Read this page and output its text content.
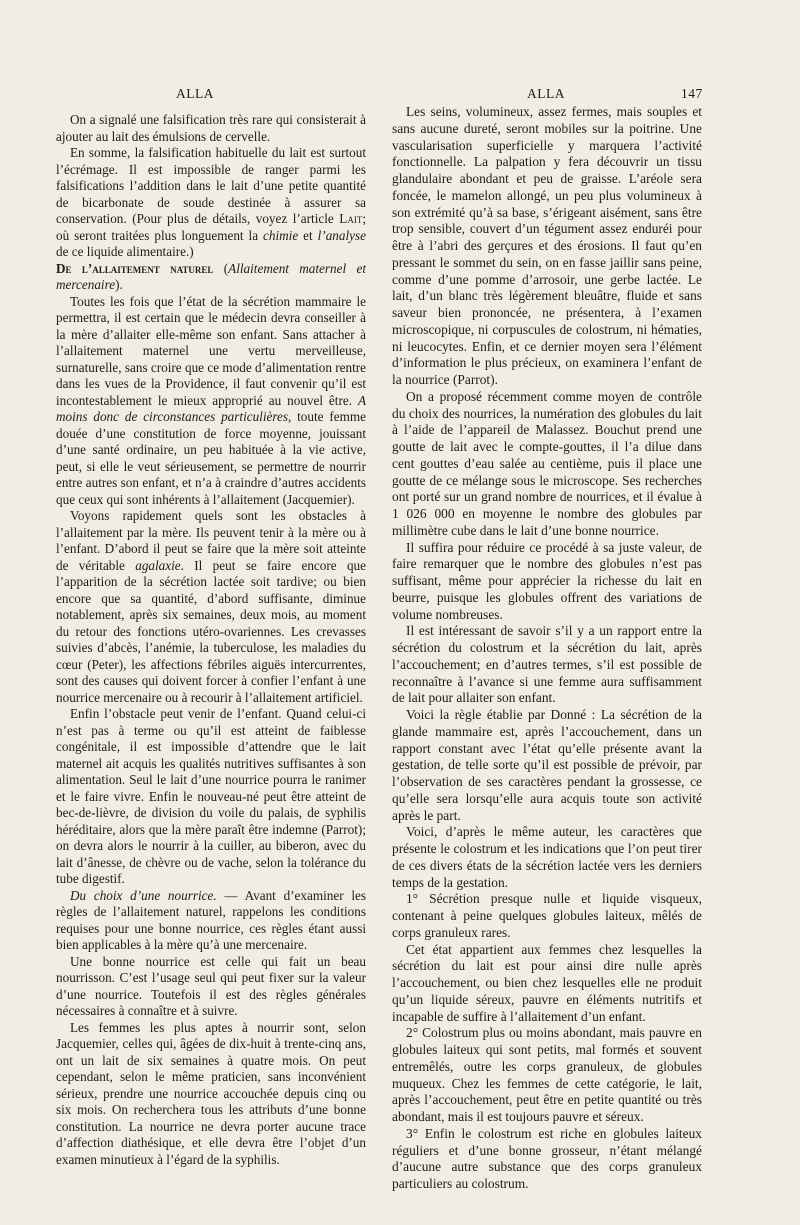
ALLA	ALLA	147

On a signalé une falsification très rare qui consisterait à ajouter au lait des émulsions de cervelle.

En somme, la falsification habituelle du lait est surtout l’écrémage. Il est impossible de ranger parmi les falsifications l’addition dans le lait d’une petite quantité de bicarbonate de soude destinée à assurer sa conservation. (Pour plus de détails, voyez l’article Lait; où seront traitées plus longuement la chimie et l’analyse de ce liquide alimentaire.)

De l’allaitement naturel (Allaitement maternel et mercenaire).

Toutes les fois que l’état de la sécrétion mammaire le permettra, il est certain que le médecin devra conseiller à la mère d’allaiter elle-même son enfant. Sans attacher à l’allaitement maternel une vertu merveilleuse, surnaturelle, sans croire que ce mode d’alimentation rentre dans les vues de la Providence, il faut convenir qu’il est incontestablement le mieux approprié au nouvel être. A moins donc de circonstances particulières, toute femme douée d’une constitution de force moyenne, jouissant d’une santé ordinaire, un peu habituée à la vie active, peut, si elle le veut sérieusement, se permettre de nourrir entre autres son enfant, et n’a à craindre d’autres accidents que ceux qui sont inhérents à l’allaitement (Jacquemier).

Voyons rapidement quels sont les obstacles à l’allaitement par la mère. Ils peuvent tenir à la mère ou à l’enfant. D’abord il peut se faire que la mère soit atteinte de véritable agalaxie. Il peut se faire encore que l’apparition de la sécrétion lactée soit tardive; ou bien encore que sa quantité, d’abord suffisante, diminue notablement, après six semaines, deux mois, au moment du retour des fonctions utéro-ovariennes. Les crevasses suivies d’abcès, l’anémie, la tuberculose, les maladies du cœur (Peter), les affections fébriles aiguës intercurrentes, sont des causes qui doivent forcer à confier l’enfant à une nourrice mercenaire ou à recourir à l’allaitement artificiel.

Enfin l’obstacle peut venir de l’enfant. Quand celui-ci n’est pas à terme ou qu’il est atteint de faiblesse congénitale, il est impossible d’attendre que le lait maternel ait acquis les qualités nutritives suffisantes à son alimentation. Seul le lait d’une nourrice pourra le ranimer et le faire vivre. Enfin le nouveau-né peut être atteint de bec-de-lièvre, de division du voile du palais, de syphilis héréditaire, alors que la mère paraît être indemne (Parrot); on devra alors le nourrir à la cuiller, au biberon, avec du lait d’ânesse, de chèvre ou de vache, selon la tolérance du tube digestif.

Du choix d’une nourrice. — Avant d’examiner les règles de l’allaitement naturel, rappelons les conditions requises pour une bonne nourrice, ces règles étant aussi bien applicables à la mère qu’à une mercenaire.

Une bonne nourrice est celle qui fait un beau nourrisson. C’est l’usage seul qui peut fixer sur la valeur d’une nourrice. Toutefois il est des règles générales nécessaires à connaître et à suivre.

Les femmes les plus aptes à nourrir sont, selon Jacquemier, celles qui, âgées de dix-huit à trente-cinq ans, ont un lait de six semaines à quatre mois. On peut cependant, selon le même praticien, sans inconvénient sérieux, prendre une nourrice accouchée depuis cinq ou six mois. On recherchera tous les attributs d’une bonne constitution. La nourrice ne devra porter aucune trace d’affection diathésique, et elle devra être l’objet d’un examen minutieux à l’égard de la syphilis.

Les seins, volumineux, assez fermes, mais souples et sans aucune dureté, seront mobiles sur la poitrine. Une vascularisation superficielle y marquera l’activité fonctionnelle. La palpation y fera découvrir un tissu glandulaire abondant et peu de graisse. L’aréole sera foncée, le mamelon allongé, un peu plus volumineux à son extrémité qu’à sa base, s’érigeant aisément, sans être trop sensible, couvert d’un tégument assez enduréi pour être à l’abri des gerçures et des érosions. Il faut qu’en pressant le sommet du sein, on en fasse jaillir sans peine, comme d’une pomme d’arrosoir, une gerbe lactée. Le lait, d’un blanc très légèrement bleuâtre, fluide et sans saveur bien prononcée, ne présentera, à l’examen microscopique, ni corpuscules de colostrum, ni hématies, ni leucocytes. Enfin, et ce dernier moyen sera l’élément d’information le plus précieux, on examinera l’enfant de la nourrice (Parrot).

On a proposé récemment comme moyen de contrôle du choix des nourrices, la numération des globules du lait à l’aide de l’appareil de Malassez. Bouchut prend une goutte de lait avec le compte-gouttes, il l’a dilue dans cent gouttes d’eau salée au centième, puis il place une goutte de ce mélange sous le microscope. Ses recherches ont porté sur un grand nombre de nourrices, et il évalue à 1 026 000 en moyenne le nombre des globules par millimètre cube dans le lait d’une bonne nourrice.

Il suffira pour réduire ce procédé à sa juste valeur, de faire remarquer que le nombre des globules n’est pas suffisant, même pour apprécier la richesse du lait en beurre, puisque les globules offrent des variations de volume nombreuses.

Il est intéressant de savoir s’il y a un rapport entre la sécrétion du colostrum et la sécrétion du lait, après l’accouchement; en d’autres termes, s’il est possible de reconnaître à l’avance si une femme aura suffisamment de lait pour allaiter son enfant.

Voici la règle établie par Donné : La sécrétion de la glande mammaire est, après l’accouchement, dans un rapport constant avec l’état qu’elle présente avant la gestation, de telle sorte qu’il est possible de prévoir, par l’observation de ses caractères pendant la grossesse, ce qu’elle sera lorsqu’elle aura acquis toute son activité après le part.

Voici, d’après le même auteur, les caractères que présente le colostrum et les indications que l’on peut tirer de ces divers états de la sécrétion lactée vers les derniers temps de la gestation.

1° Sécrétion presque nulle et liquide visqueux, contenant à peine quelques globules laiteux, mêlés de corps granuleux rares.

Cet état appartient aux femmes chez lesquelles la sécrétion du lait est pour ainsi dire nulle après l’accouchement, ou bien chez lesquelles elle ne produit qu’un liquide séreux, pauvre en éléments nutritifs et incapable de suffire à l’allaitement d’un enfant.

2° Colostrum plus ou moins abondant, mais pauvre en globules laiteux qui sont petits, mal formés et souvent entremêlés, outre les corps granuleux, de globules muqueux. Chez les femmes de cette catégorie, le lait, après l’accouchement, peut être en petite quantité ou très abondant, mais il est toujours pauvre et séreux.

3° Enfin le colostrum est riche en globules laiteux réguliers et d’une bonne grosseur, n’étant mélangé d’aucune autre substance que des corps granuleux particuliers au colostrum.
